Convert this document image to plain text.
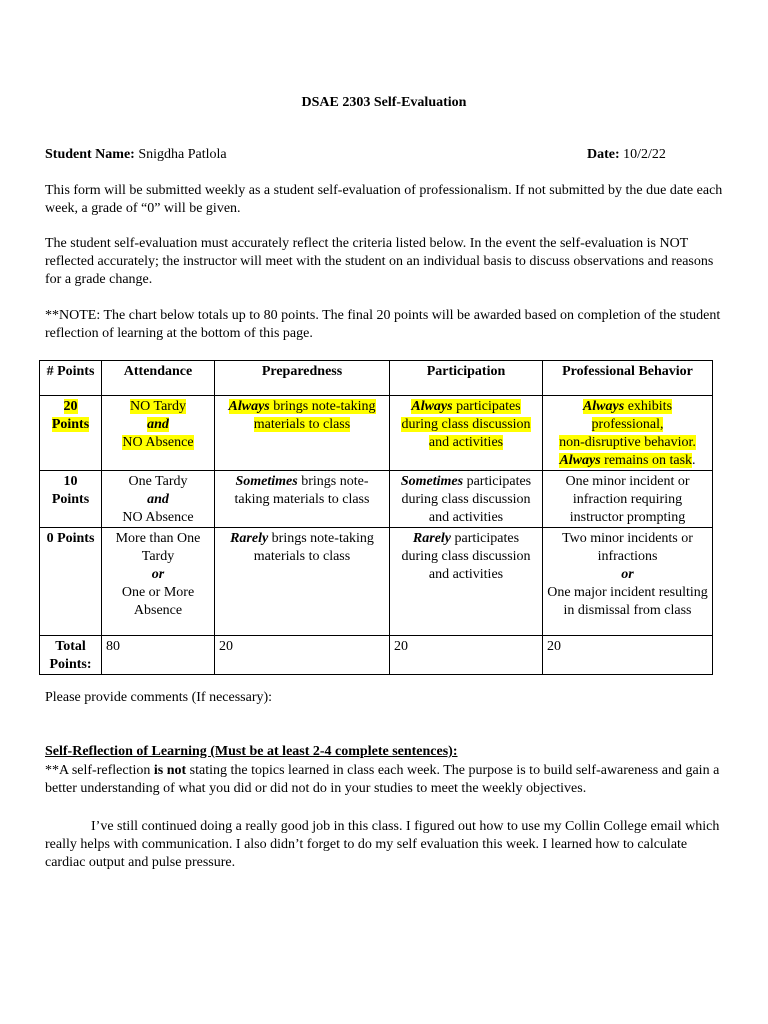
DSAE 2303 Self-Evaluation
Student Name: Snigdha Patlola	Date: 10/2/22
This form will be submitted weekly as a student self-evaluation of professionalism. If not submitted by the due date each week, a grade of “0” will be given.
The student self-evaluation must accurately reflect the criteria listed below. In the event the self-evaluation is NOT reflected accurately; the instructor will meet with the student on an individual basis to discuss observations and reasons for a grade change.
**NOTE: The chart below totals up to 80 points. The final 20 points will be awarded based on completion of the student reflection of learning at the bottom of this page.
# Points	Attendance	Preparedness	Participation	Professional Behavior
20 Points	NO Tardy
and
NO Absence	Always brings note-taking materials to class	Always participates during class discussion and activities	Always exhibits professional,
non-disruptive behavior.
Always remains on task.
10 Points	One Tardy
and
NO Absence	Sometimes brings note-taking materials to class	Sometimes participates during class discussion and activities	One minor incident or infraction requiring instructor prompting
0 Points	More than One Tardy
or
One or More Absence	Rarely brings note-taking materials to class	Rarely participates during class discussion and activities	Two minor incidents or infractions
or
One major incident resulting in dismissal from class
Total Points:	80	20	20	20
Please provide comments (If necessary):
Self-Reflection of Learning (Must be at least 2-4 complete sentences):
**A self-reflection is not stating the topics learned in class each week. The purpose is to build self-awareness and gain a better understanding of what you did or did not do in your studies to meet the weekly objectives.
I’ve still continued doing a really good job in this class. I figured out how to use my Collin College email which really helps with communication. I also didn’t forget to do my self evaluation this week. I learned how to calculate cardiac output and pulse pressure.
